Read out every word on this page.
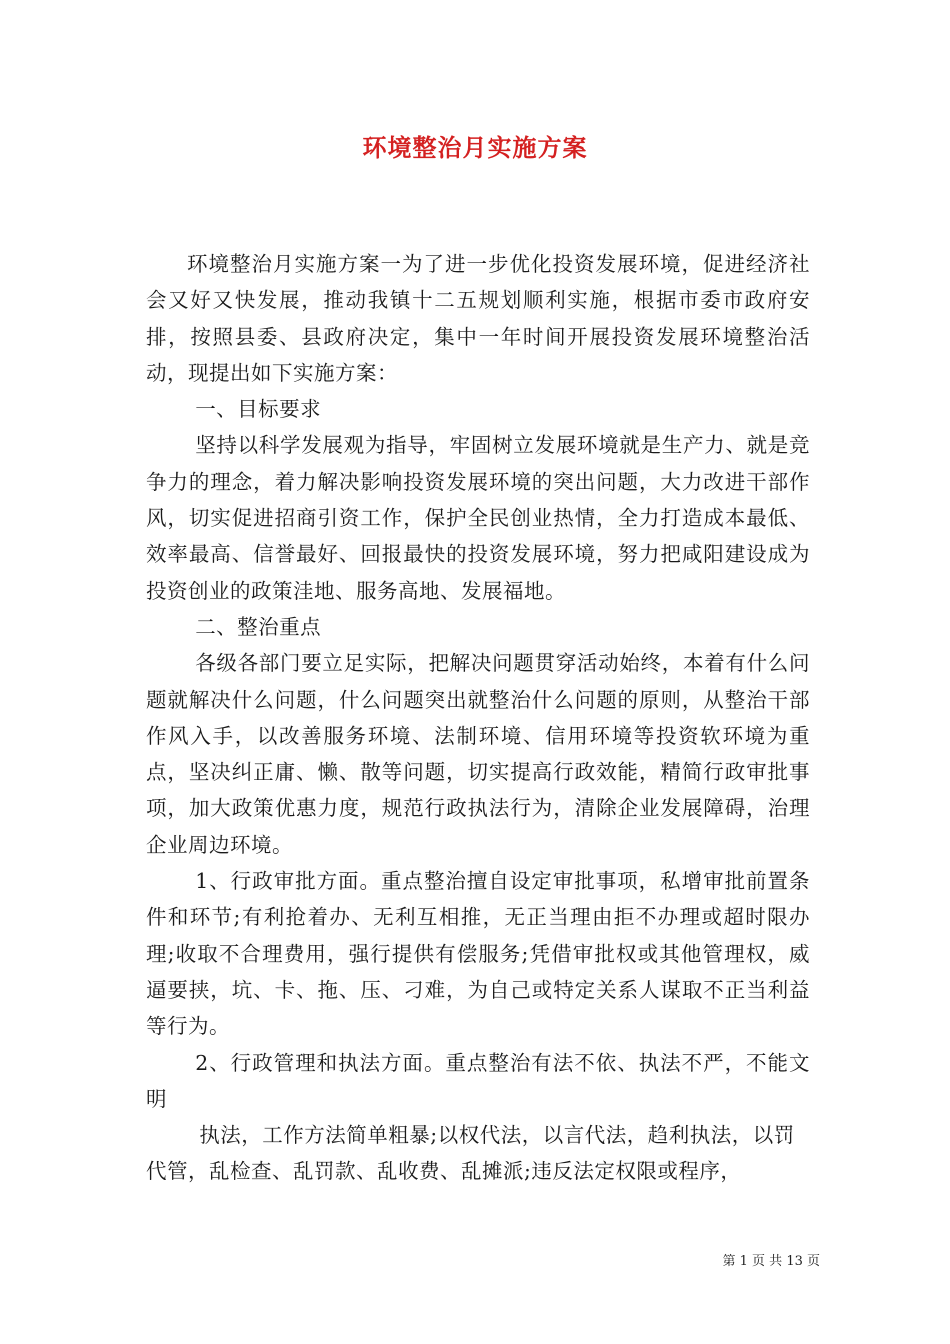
环境整治月实施方案

环境整治月实施方案一为了进一步优化投资发展环境，促进经济社会又好又快发展，推动我镇十二五规划顺利实施，根据市委市政府安排，按照县委、县政府决定，集中一年时间开展投资发展环境整治活动，现提出如下实施方案：

一、目标要求

坚持以科学发展观为指导，牢固树立发展环境就是生产力、就是竞争力的理念，着力解决影响投资发展环境的突出问题，大力改进干部作风，切实促进招商引资工作，保护全民创业热情，全力打造成本最低、效率最高、信誉最好、回报最快的投资发展环境，努力把咸阳建设成为投资创业的政策洼地、服务高地、发展福地。

二、整治重点

各级各部门要立足实际，把解决问题贯穿活动始终，本着有什么问题就解决什么问题，什么问题突出就整治什么问题的原则，从整治干部作风入手，以改善服务环境、法制环境、信用环境等投资软环境为重点，坚决纠正庸、懒、散等问题，切实提高行政效能，精简行政审批事项，加大政策优惠力度，规范行政执法行为，清除企业发展障碍，治理企业周边环境。

1、行政审批方面。重点整治擅自设定审批事项，私增审批前置条件和环节;有利抢着办、无利互相推，无正当理由拒不办理或超时限办理;收取不合理费用，强行提供有偿服务;凭借审批权或其他管理权，威逼要挟，坑、卡、拖、压、刁难，为自己或特定关系人谋取不正当利益等行为。

2、行政管理和执法方面。重点整治有法不依、执法不严，不能文明

执法，工作方法简单粗暴;以权代法，以言代法，趋利执法，以罚代管，乱检查、乱罚款、乱收费、乱摊派;违反法定权限或程序，

第 1 页 共 13 页
